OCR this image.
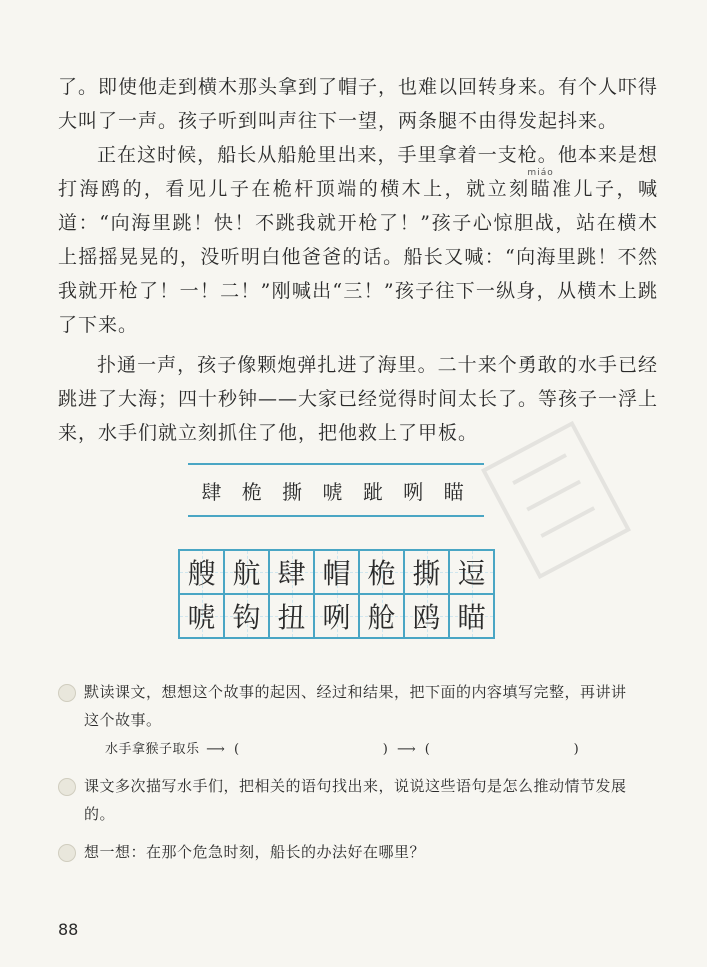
了。即使他走到横木那头拿到了帽子，也难以回转身来。有个人吓得大叫了一声。孩子听到叫声往下一望，两条腿不由得发起抖来。

正在这时候，船长从船舱里出来，手里拿着一支枪。他本来是想打海鸥的，看见儿子在桅杆顶端的横木上，就立刻瞄miáo准儿子，喊道：“向海里跳！快！不跳我就开枪了！”孩子心惊胆战，站在横木上摇摇晃晃的，没听明白他爸爸的话。船长又喊：“向海里跳！不然我就开枪了！一！二！”刚喊出“三！”孩子往下一纵身，从横木上跳了下来。

扑通一声，孩子像颗炮弹扎进了海里。二十来个勇敢的水手已经跳进了大海；四十秒钟——大家已经觉得时间太长了。等孩子一浮上来，水手们就立刻抓住了他，把他救上了甲板。

肆 桅 撕 唬 跐 咧 瞄
艘 航 肆 帽 桅 撕 逗
唬 钩 扭 咧 舱 鸥 瞄
默读课文，想想这个故事的起因、经过和结果，把下面的内容填写完整，再讲讲这个故事。
水手拿猴子取乐 ⟶ (	) ⟶ (	)
课文多次描写水手们，把相关的语句找出来，说说这些语句是怎么推动情节发展的。
想一想：在那个危急时刻，船长的办法好在哪里？
88
